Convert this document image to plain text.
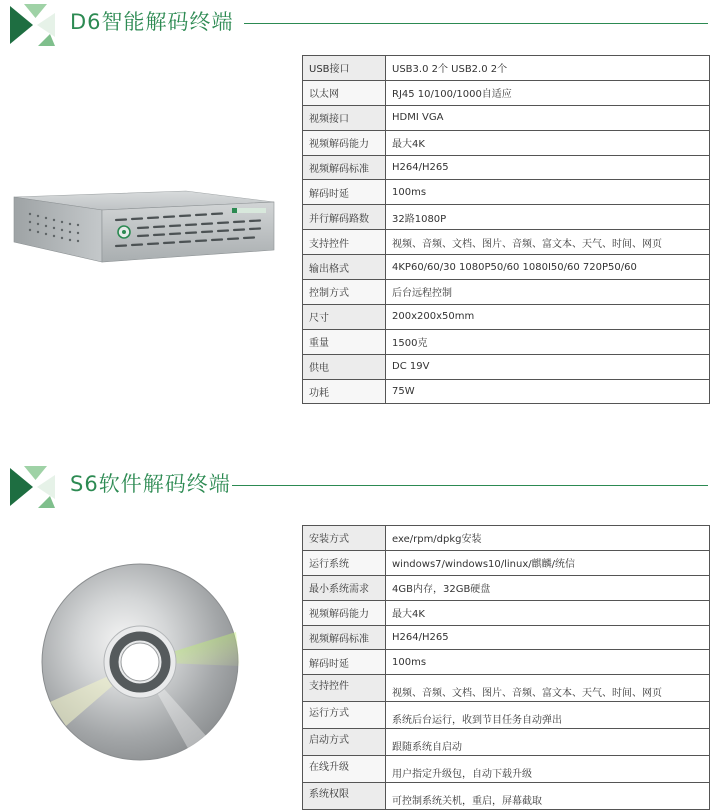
D6智能解码终端
USB接口	USB3.0 2个 USB2.0 2个
以太网	RJ45 10/100/1000自适应
视频接口	HDMI VGA
视频解码能力	最大4K
视频解码标准	H264/H265
解码时延	100ms
并行解码路数	32路1080P
支持控件	视频、音频、文档、图片、音频、富文本、天气、时间、网页
输出格式	4KP60/60/30 1080P50/60 1080I50/60 720P50/60
控制方式	后台远程控制
尺寸	200x200x50mm
重量	1500克
供电	DC 19V
功耗	75W
S6软件解码终端
安装方式	exe/rpm/dpkg安装
运行系统	windows7/windows10/linux/麒麟/统信
最小系统需求	4GB内存，32GB硬盘
视频解码能力	最大4K
视频解码标准	H264/H265
解码时延	100ms
支持控件	视频、音频、文档、图片、音频、富文本、天气、时间、网页
运行方式	系统后台运行，收到节目任务自动弹出
启动方式	跟随系统自启动
在线升级	用户指定升级包，自动下载升级
系统权限	可控制系统关机，重启，屏幕截取
